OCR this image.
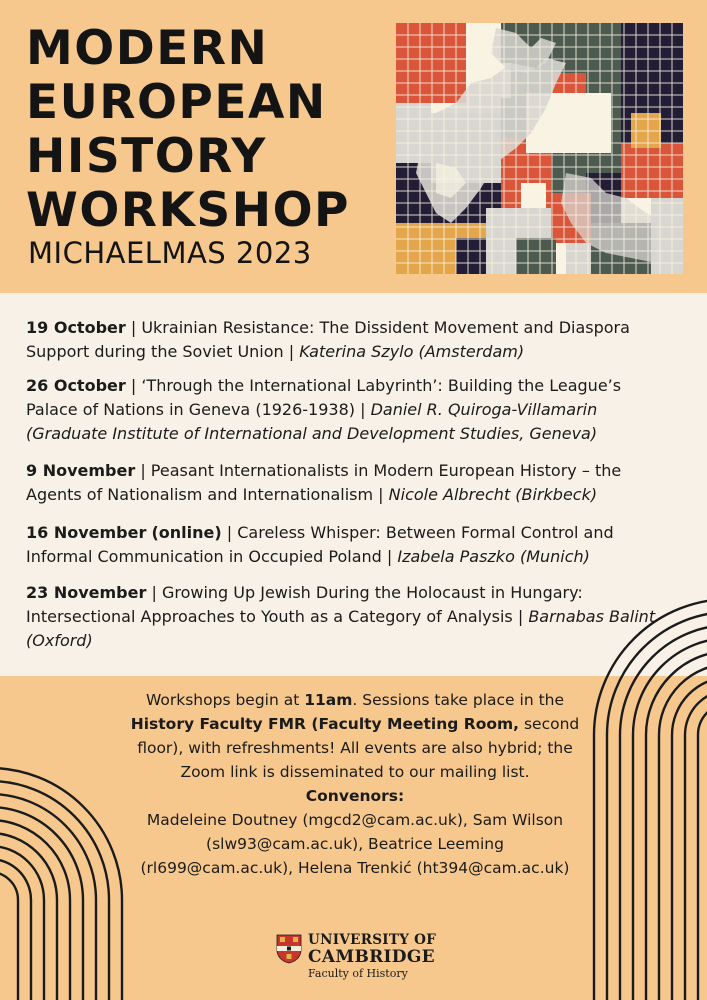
MODERN
EUROPEAN
HISTORY
WORKSHOP
MICHAELMAS 2023
19 October | Ukrainian Resistance: The Dissident Movement and Diaspora Support during the Soviet Union | Katerina Szylo (Amsterdam)
26 October | ‘Through the International Labyrinth’: Building the League’s Palace of Nations in Geneva (1926-1938) | Daniel R. Quiroga-Villamarin (Graduate Institute of International and Development Studies, Geneva)
9 November | Peasant Internationalists in Modern European History – the Agents of Nationalism and Internationalism | Nicole Albrecht (Birkbeck)
16 November (online) | Careless Whisper: Between Formal Control and Informal Communication in Occupied Poland | Izabela Paszko (Munich)
23 November | Growing Up Jewish During the Holocaust in Hungary: Intersectional Approaches to Youth as a Category of Analysis | Barnabas Balint (Oxford)
Workshops begin at 11am. Sessions take place in the History Faculty FMR (Faculty Meeting Room, second floor), with refreshments! All events are also hybrid; the Zoom link is disseminated to our mailing list.
Convenors:
Madeleine Doutney (mgcd2@cam.ac.uk), Sam Wilson (slw93@cam.ac.uk), Beatrice Leeming (rl699@cam.ac.uk), Helena Trenkić (ht394@cam.ac.uk)
UNIVERSITY OF
CAMBRIDGE
Faculty of History
